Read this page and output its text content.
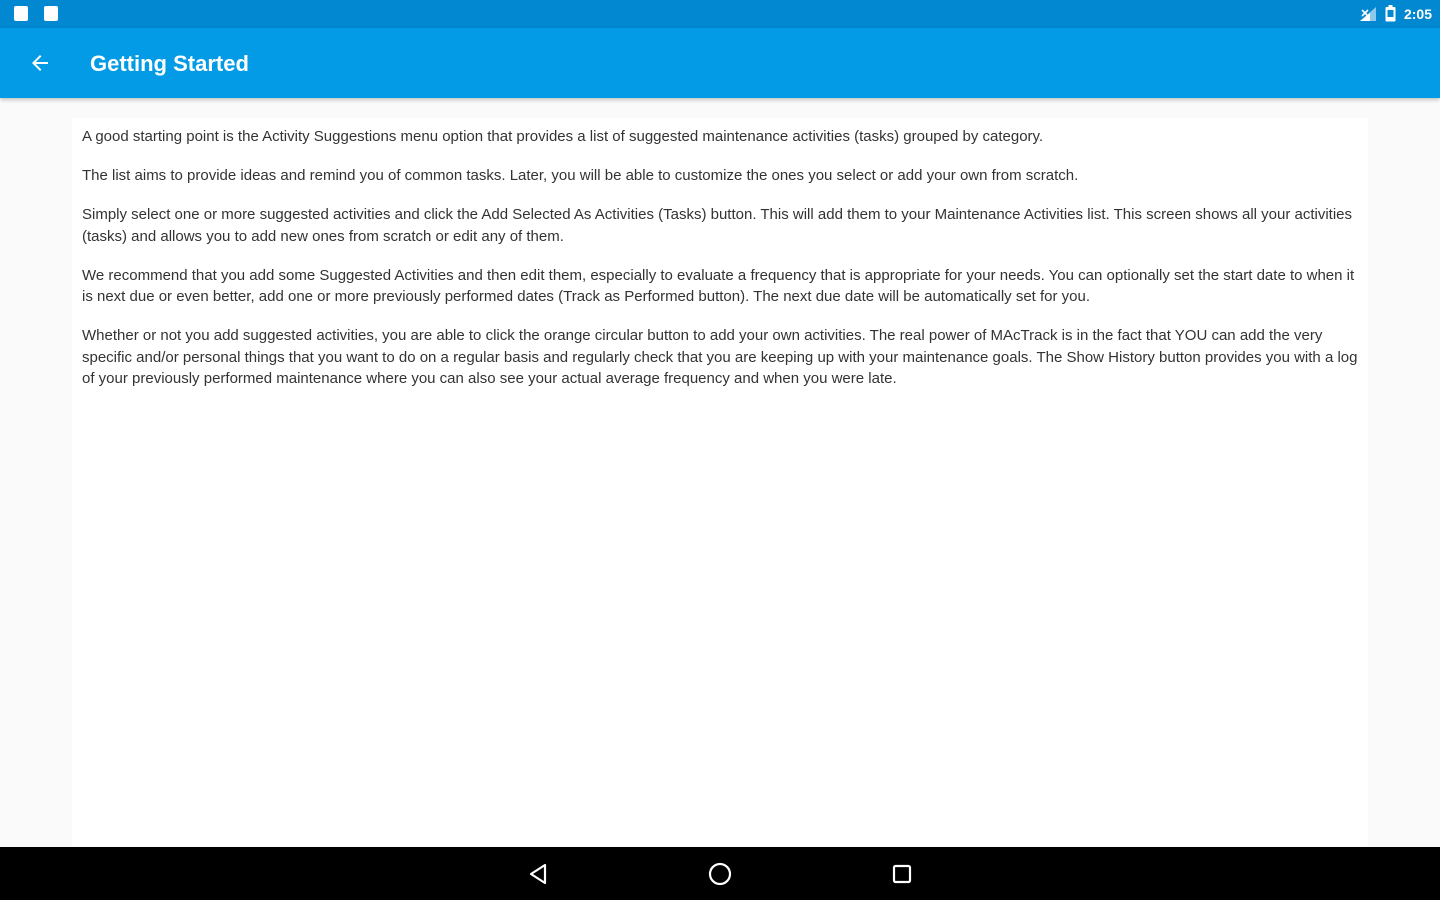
2:05
Getting Started

A good starting point is the Activity Suggestions menu option that provides a list of suggested maintenance activities (tasks) grouped by category.

The list aims to provide ideas and remind you of common tasks. Later, you will be able to customize the ones you select or add your own from scratch.

Simply select one or more suggested activities and click the Add Selected As Activities (Tasks) button. This will add them to your Maintenance Activities list. This screen shows all your activities (tasks) and allows you to add new ones from scratch or edit any of them.

We recommend that you add some Suggested Activities and then edit them, especially to evaluate a frequency that is appropriate for your needs. You can optionally set the start date to when it is next due or even better, add one or more previously performed dates (Track as Performed button). The next due date will be automatically set for you.

Whether or not you add suggested activities, you are able to click the orange circular button to add your own activities. The real power of MAcTrack is in the fact that YOU can add the very specific and/or personal things that you want to do on a regular basis and regularly check that you are keeping up with your maintenance goals. The Show History button provides you with a log of your previously performed maintenance where you can also see your actual average frequency and when you were late.
